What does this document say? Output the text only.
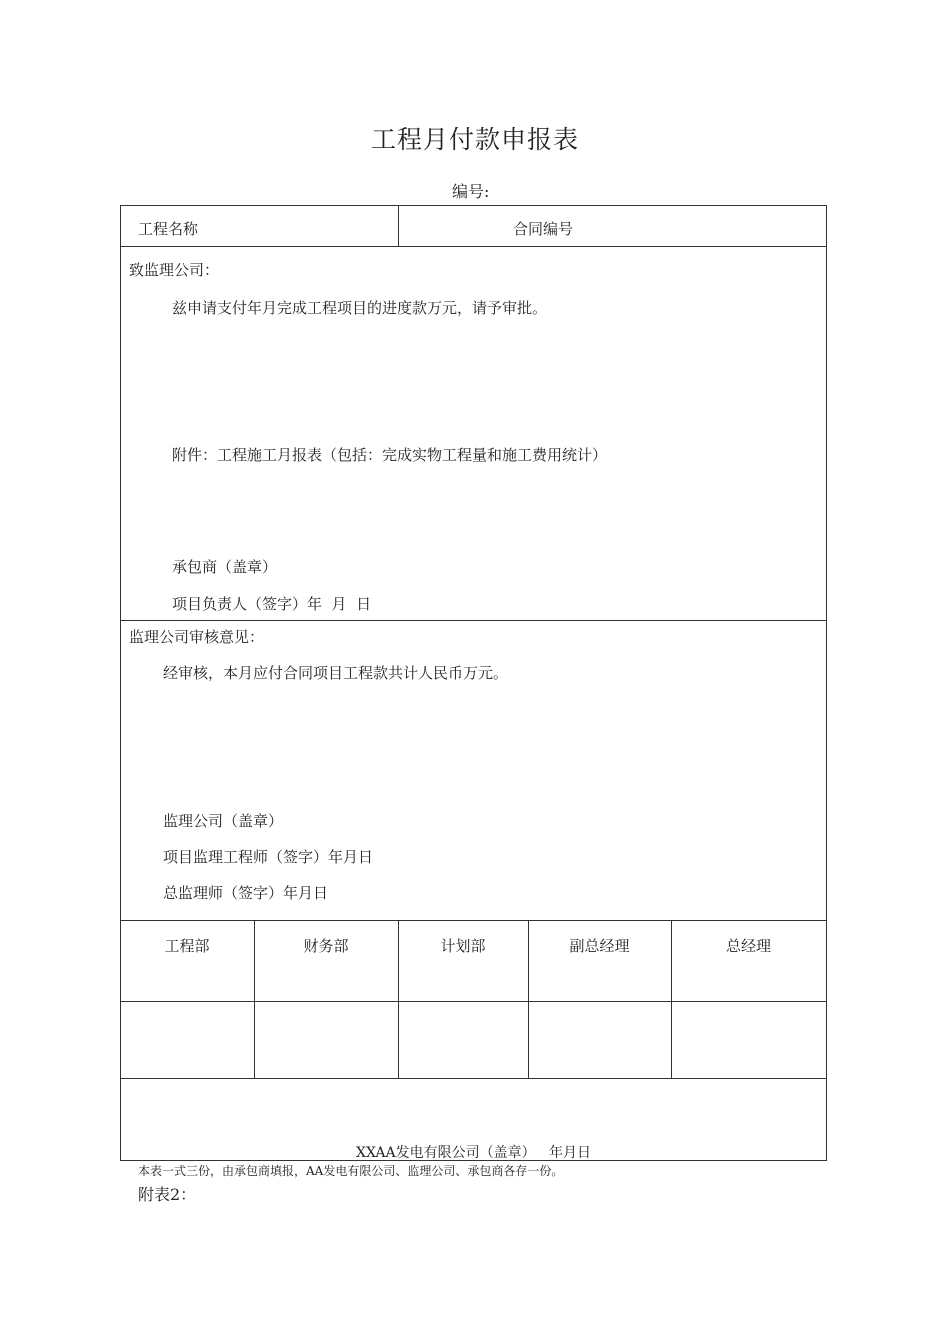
工程月付款申报表
编号:
工程名称	合同编号
致监理公司：
兹申请支付年月完成工程项目的进度款万元，请予审批。
附件：工程施工月报表（包括：完成实物工程量和施工费用统计）
承包商（盖章）
项目负责人（签字）年  月  日
监理公司审核意见：
经审核，本月应付合同项目工程款共计人民币万元。
监理公司（盖章）
项目监理工程师（签字）年月日
总监理师（签字）年月日
工程部	财务部	计划部	副总经理	总经理
XXAA发电有限公司（盖章）   年月日
本表一式三份，由承包商填报，AA发电有限公司、监理公司、承包商各存一份。
附表2：
